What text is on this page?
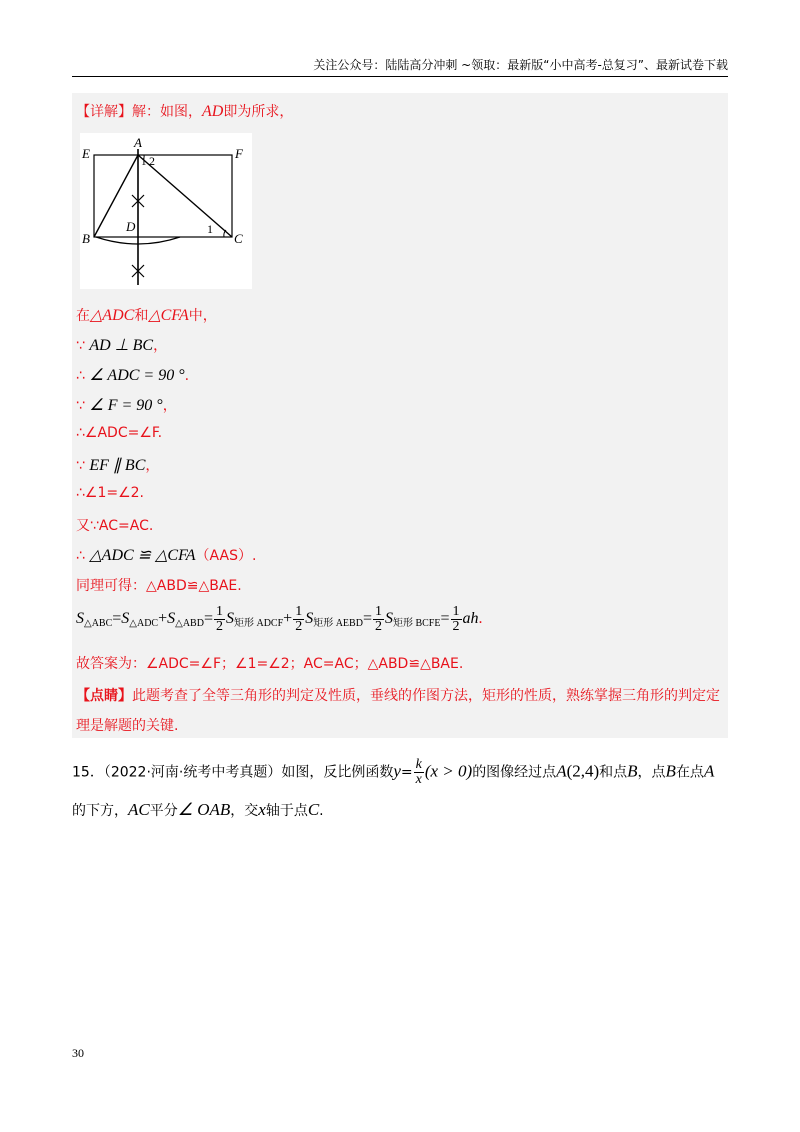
关注公众号：陆陆高分冲刺 ~领取：最新版“小中高考-总复习”、最新试卷下载
【详解】解：如图，AD即为所求，
E
A
F
B
D
C
1 2
1
在△ADC和△CFA中，
∵ AD ⊥ BC，
∴ ∠ ADC = 90 °.
∵ ∠ F = 90 °，
∴∠ADC=∠F.
∵ EF ∥ BC，
∴∠1=∠2.
又∵AC=AC.
∴ △ADC ≌ △CFA（AAS）.
同理可得：△ABD≌△BAE.
$S_{\triangle ABC}=S_{\triangle ADC}+S_{\triangle ABD}= \frac{1}{2} S_{矩形 ADCF}+ \frac{1}{2} S_{矩形 AEBD}= \frac{1}{2} S_{矩形 BCFE}= \frac{1}{2}$ ah.
故答案为：∠ADC=∠F；∠1=∠2；AC=AC；△ABD≌△BAE.
【点睛】此题考查了全等三角形的判定及性质，垂线的作图方法，矩形的性质，熟练掌握三角形的判定定
理是解题的关键.
15．（2022·河南·统考中考真题）如图，反比例函数$y= \frac{k}{x} (x > 0)$的图像经过点A(2,4)和点B，点B在点A
的下方，AC平分∠ OAB，交x轴于点C.
30
